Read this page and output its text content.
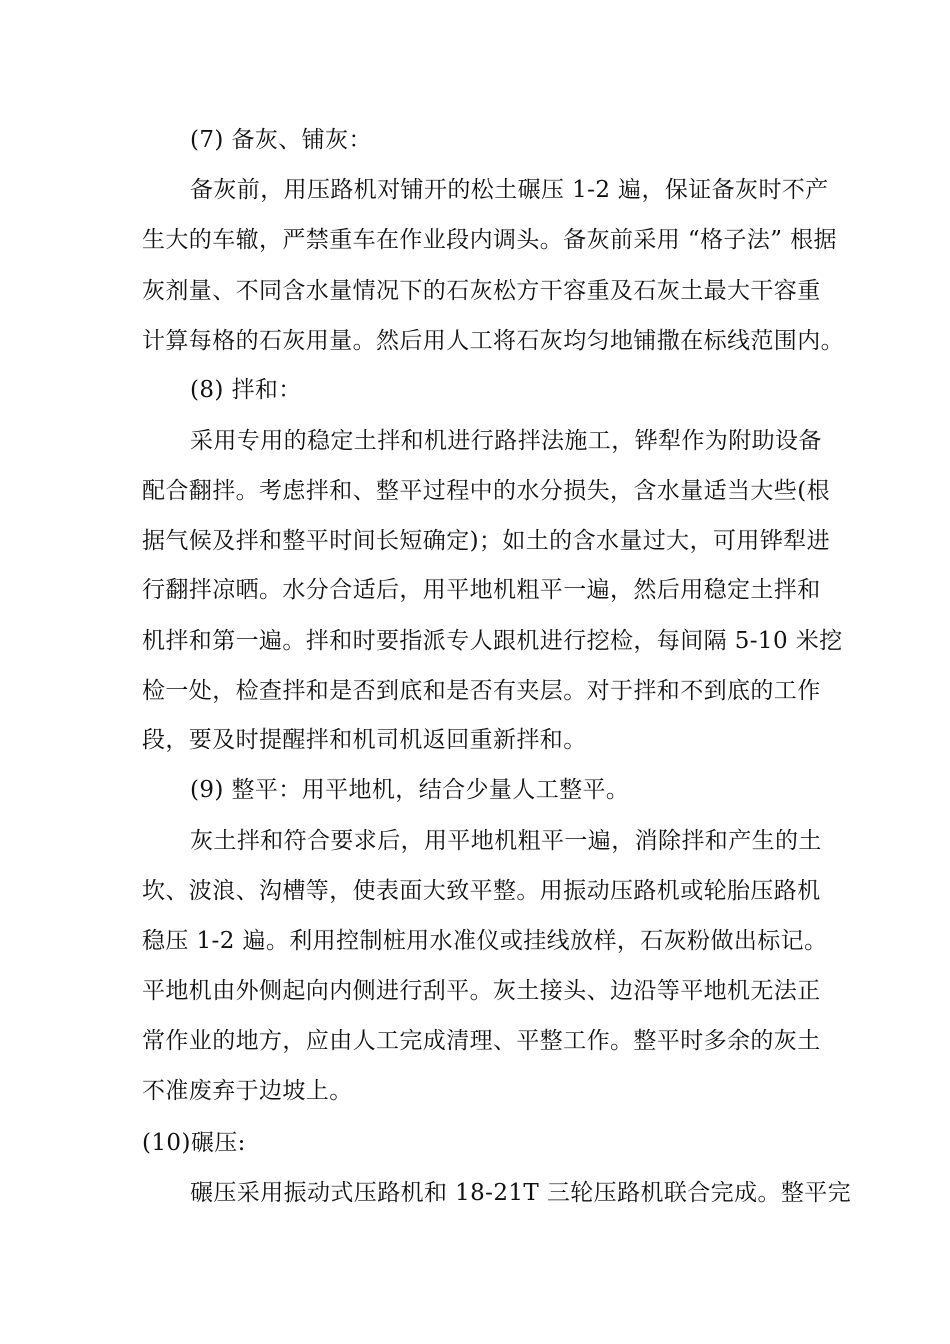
(7) 备灰、铺灰：
备灰前，用压路机对铺开的松土碾压 1-2 遍，保证备灰时不产
生大的车辙，严禁重车在作业段内调头。备灰前采用 “格子法” 根据
灰剂量、不同含水量情况下的石灰松方干容重及石灰土最大干容重
计算每格的石灰用量。然后用人工将石灰均匀地铺撒在标线范围内。
(8) 拌和：
采用专用的稳定土拌和机进行路拌法施工，铧犁作为附助设备
配合翻拌。考虑拌和、整平过程中的水分损失，含水量适当大些(根
据气候及拌和整平时间长短确定)；如土的含水量过大，可用铧犁进
行翻拌凉晒。水分合适后，用平地机粗平一遍，然后用稳定土拌和
机拌和第一遍。拌和时要指派专人跟机进行挖检，每间隔 5-10 米挖
检一处，检查拌和是否到底和是否有夹层。对于拌和不到底的工作
段，要及时提醒拌和机司机返回重新拌和。
(9) 整平：用平地机，结合少量人工整平。
灰土拌和符合要求后，用平地机粗平一遍，消除拌和产生的土
坎、波浪、沟槽等，使表面大致平整。用振动压路机或轮胎压路机
稳压 1-2 遍。利用控制桩用水准仪或挂线放样，石灰粉做出标记。
平地机由外侧起向内侧进行刮平。灰土接头、边沿等平地机无法正
常作业的地方，应由人工完成清理、平整工作。整平时多余的灰土
不准废弃于边坡上。
(10)碾压:
碾压采用振动式压路机和 18-21T 三轮压路机联合完成。整平完
